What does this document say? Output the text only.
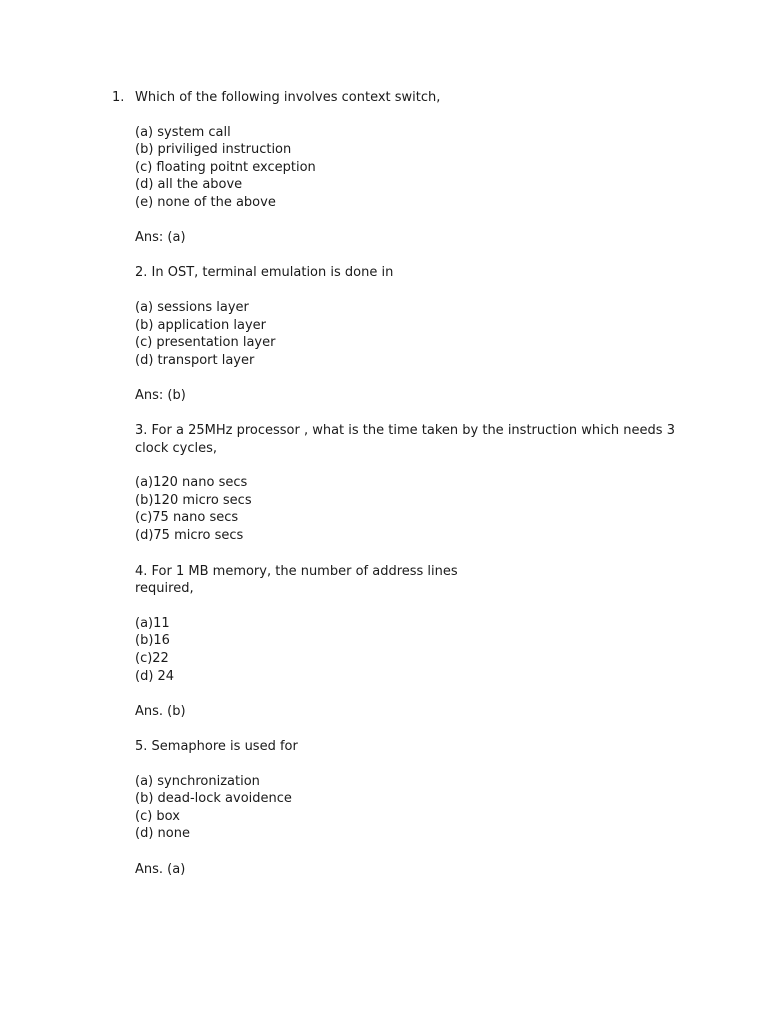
1. Which of the following involves context switch,
(a) system call
(b) priviliged instruction
(c) floating poitnt exception
(d) all the above
(e) none of the above
Ans: (a)
2. In OST, terminal emulation is done in
(a) sessions layer
(b) application layer
(c) presentation layer
(d) transport layer
Ans: (b)
3. For a 25MHz processor , what is the time taken by the instruction which needs 3
clock cycles,
(a)120 nano secs
(b)120 micro secs
(c)75 nano secs
(d)75 micro secs
4. For 1 MB memory, the number of address lines
required,
(a)11
(b)16
(c)22
(d) 24
Ans. (b)
5. Semaphore is used for
(a) synchronization
(b) dead-lock avoidence
(c) box
(d) none
Ans. (a)
